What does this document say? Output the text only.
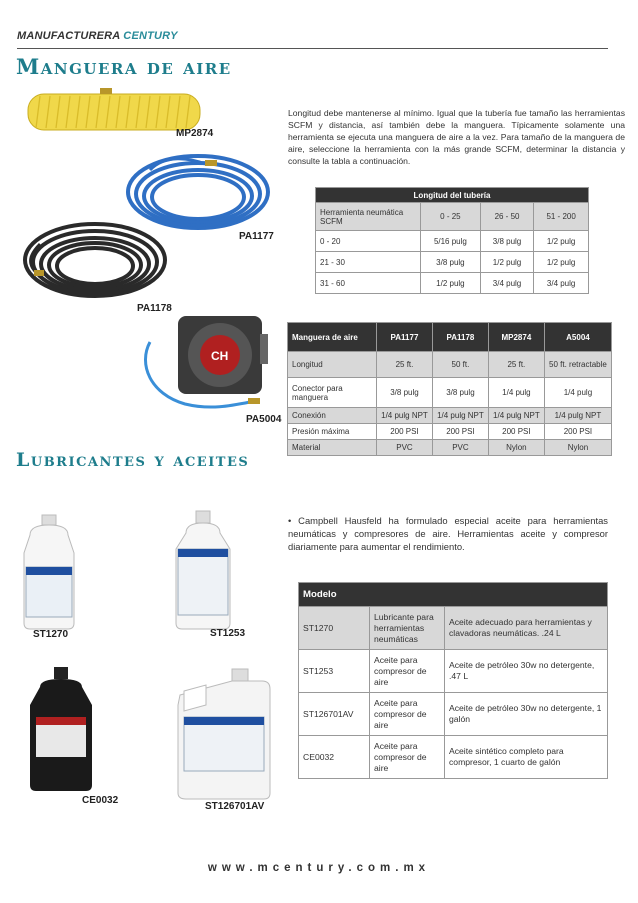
MANUFACTURERA CENTURY
Manguera de aire
CH
MP2874
PA1177
PA1178
PA5004
Longitud debe mantenerse al mínimo. Igual que la tubería fue tamaño las herramientas SCFM y distancia, así también debe la manguera. Típicamente solamente una herramienta se ejecuta una manguera de aire a la vez. Para tamaño de la manguera de aire, seleccione la herramienta con la más grande SCFM, determinar la distancia y consulte la tabla a continuación.
Longitud del tubería			
Herramienta neumática SCFM	0 - 25	26 - 50	51 - 200
0 - 20	5/16 pulg	3/8 pulg	1/2 pulg
21 - 30	3/8 pulg	1/2 pulg	1/2 pulg
31 - 60	1/2 pulg	3/4 pulg	3/4 pulg
Manguera de aire	PA1177	PA1178	MP2874	A5004
Longitud	25 ft.	50 ft.	25 ft.	50 ft. retractable
Conector para manguera	3/8 pulg	3/8 pulg	1/4 pulg	1/4 pulg
Conexión	1/4 pulg NPT	1/4 pulg NPT	1/4 pulg NPT	1/4 pulg NPT
Presión máxima	200 PSI	200 PSI	200 PSI	200 PSI
Material	PVC	PVC	Nylon	Nylon
Lubricantes y aceites
ST1270	ST1253
CE0032
ST126701AV
• Campbell Hausfeld ha formulado especial aceite para herramientas neumáticas y compresores de aire. Herramientas aceite y compresor diariamente para aumentar el rendimiento.
Modelo		
ST1270	Lubricante para herramientas neumáticas	Aceite adecuado para herramientas y clavadoras neumáticas. .24 L
ST1253	Aceite para compresor de aire	Aceite de petróleo 30w no detergente, .47 L
ST126701AV	Aceite para compresor de aire	Aceite de petróleo 30w no detergente, 1 galón
CE0032	Aceite para compresor de aire	Aceite sintético completo para compresor, 1 cuarto de galón
www.mcentury.com.mx
